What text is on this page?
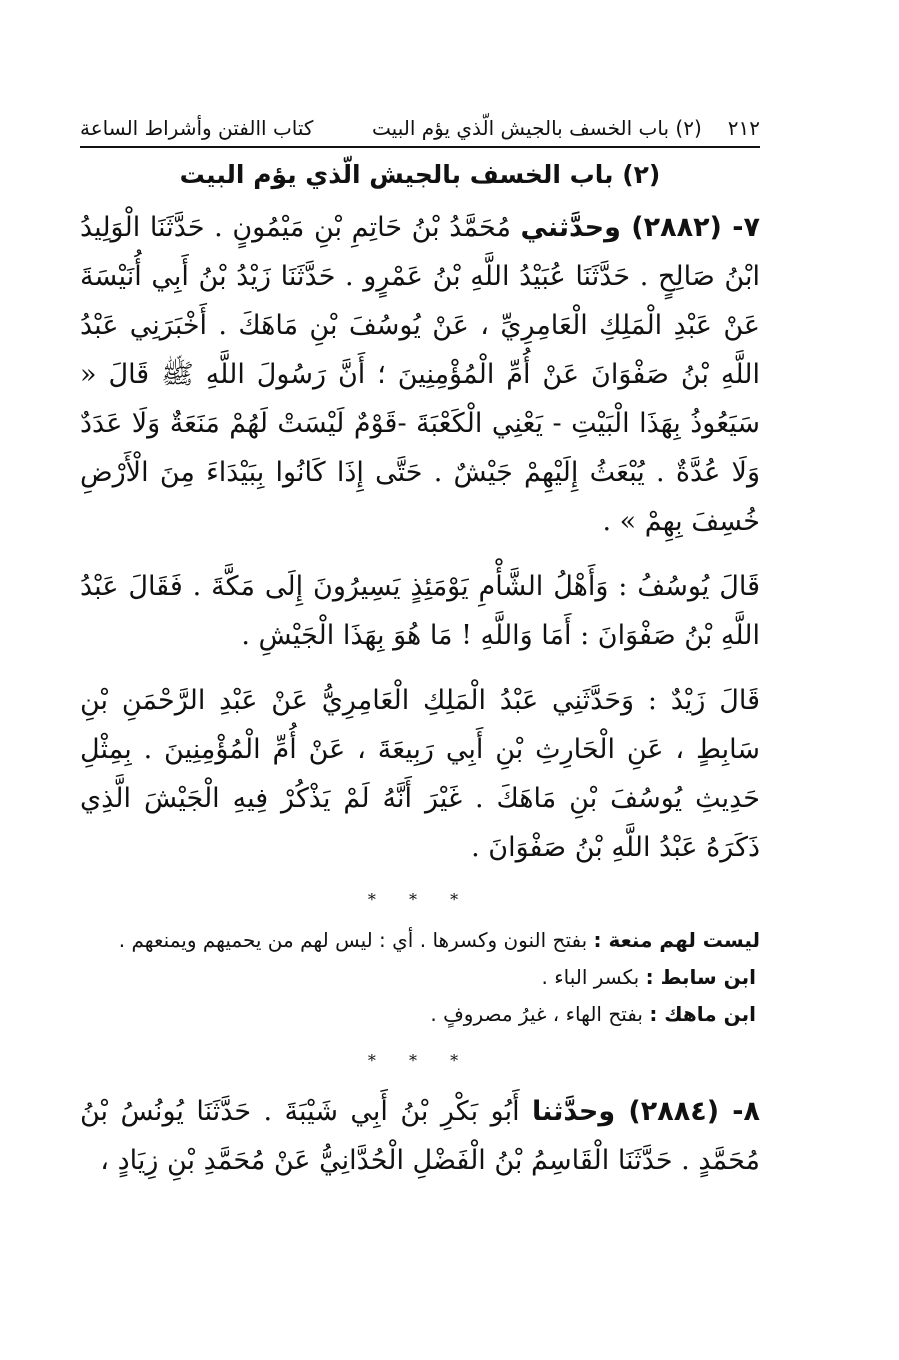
٢١٢
(٢) باب الخسف بالجيش الّذي يؤم البيت
كتاب االفتن وأشراط الساعة
(٢) باب الخسف بالجيش الّذي يؤم البيت

٧- (٢٨٨٢) وحدَّثني مُحَمَّدُ بْنُ حَاتِمِ بْنِ مَيْمُونٍ . حَدَّثَنَا الْوَلِيدُ ابْنُ صَالِحٍ . حَدَّثَنَا عُبَيْدُ اللَّهِ بْنُ عَمْرٍو . حَدَّثَنَا زَيْدُ بْنُ أَبِي أُنَيْسَةَ عَنْ عَبْدِ الْمَلِكِ الْعَامِرِيِّ ، عَنْ يُوسُفَ بْنِ مَاهَكَ . أَخْبَرَنِي عَبْدُ اللَّهِ بْنُ صَفْوَانَ عَنْ أُمِّ الْمُؤْمِنِينَ ؛ أَنَّ رَسُولَ اللَّهِ ﷺ قَالَ « سَيَعُوذُ بِهَذَا الْبَيْتِ - يَعْنِي الْكَعْبَةَ -قَوْمٌ لَيْسَتْ لَهُمْ مَنَعَةٌ وَلَا عَدَدٌ وَلَا عُدَّةٌ . يُبْعَثُ إِلَيْهِمْ جَيْشٌ . حَتَّى إِذَا كَانُوا بِبَيْدَاءَ مِنَ الْأَرْضِ خُسِفَ بِهِمْ » .

قَالَ يُوسُفُ : وَأَهْلُ الشَّأْمِ يَوْمَئِذٍ يَسِيرُونَ إِلَى مَكَّةَ . فَقَالَ عَبْدُ اللَّهِ بْنُ صَفْوَانَ : أَمَا وَاللَّهِ ! مَا هُوَ بِهَذَا الْجَيْشِ .

قَالَ زَيْدٌ : وَحَدَّثَنِي عَبْدُ الْمَلِكِ الْعَامِرِيُّ عَنْ عَبْدِ الرَّحْمَنِ بْنِ سَابِطٍ ، عَنِ الْحَارِثِ بْنِ أَبِي رَبِيعَةَ ، عَنْ أُمِّ الْمُؤْمِنِينَ . بِمِثْلِ حَدِيثِ يُوسُفَ بْنِ مَاهَكَ . غَيْرَ أَنَّهُ لَمْ يَذْكُرْ فِيهِ الْجَيْشَ الَّذِي ذَكَرَهُ عَبْدُ اللَّهِ بْنُ صَفْوَانَ .

* * *

ليست لهم منعة : بفتح النون وكسرها . أي : ليس لهم من يحميهم ويمنعهم .

ابن سابط : بكسر الباء .

ابن ماهك : بفتح الهاء ، غيرُ مصروفٍ .

* * *

٨- (٢٨٨٤) وحدَّثنا أَبُو بَكْرِ بْنُ أَبِي شَيْبَةَ . حَدَّثَنَا يُونُسُ بْنُ مُحَمَّدٍ . حَدَّثَنَا الْقَاسِمُ بْنُ الْفَضْلِ الْحُدَّانِيُّ عَنْ مُحَمَّدِ بْنِ زِيَادٍ ،
